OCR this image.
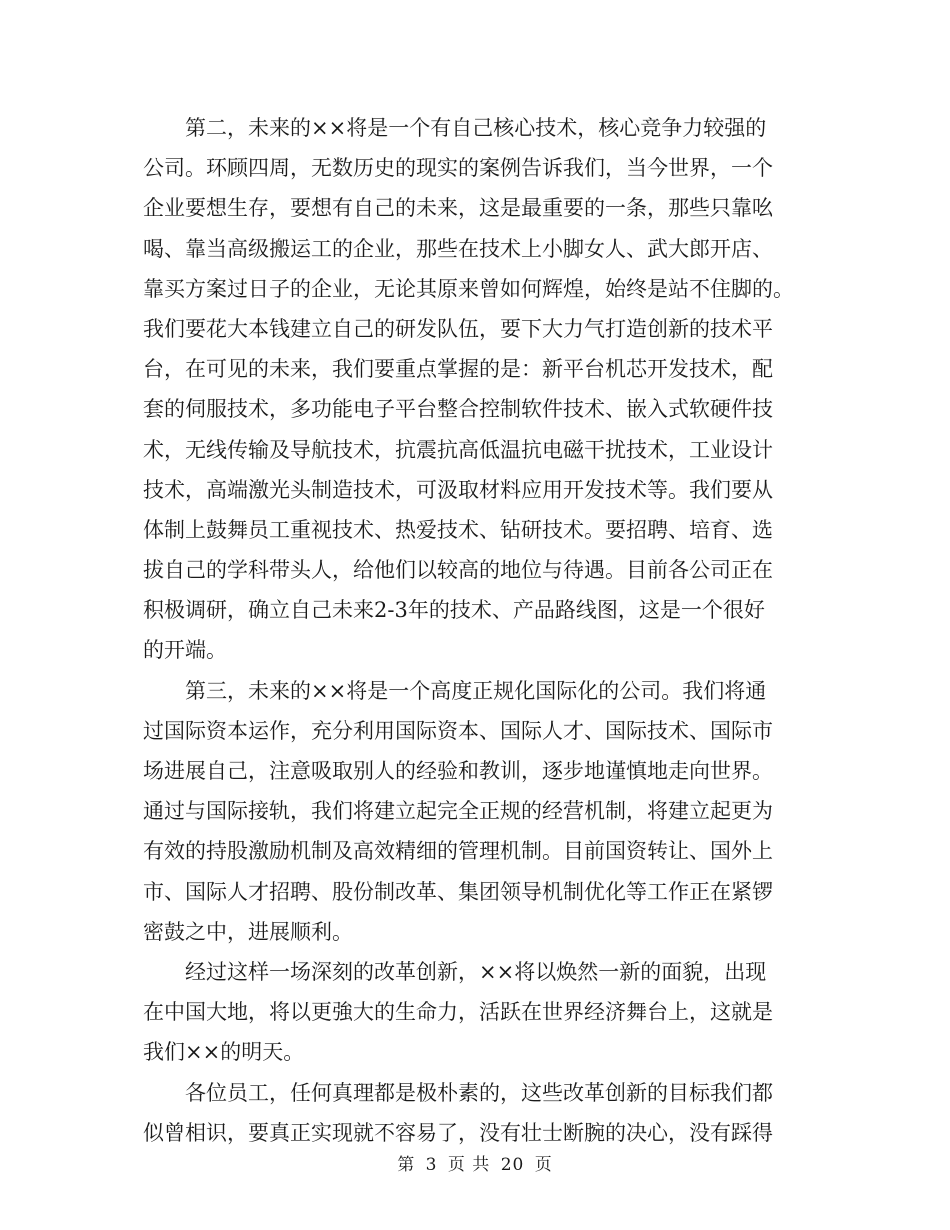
　　第二，未来的××将是一个有自己核心技术，核心竞争力较强的
公司。环顾四周，无数历史的现实的案例告诉我们，当今世界，一个
企业要想生存，要想有自己的未来，这是最重要的一条，那些只靠吆
喝、靠当高级搬运工的企业，那些在技术上小脚女人、武大郎开店、
靠买方案过日子的企业，无论其原来曾如何辉煌，始终是站不住脚的。
我们要花大本钱建立自己的研发队伍，要下大力气打造创新的技术平
台，在可见的未来，我们要重点掌握的是：新平台机芯开发技术，配
套的伺服技术，多功能电子平台整合控制软件技术、嵌入式软硬件技
术，无线传输及导航技术，抗震抗高低温抗电磁干扰技术，工业设计
技术，高端激光头制造技术，可汲取材料应用开发技术等。我们要从
体制上鼓舞员工重视技术、热爱技术、钻研技术。要招聘、培育、选
拔自己的学科带头人，给他们以较高的地位与待遇。目前各公司正在
积极调研，确立自己未来2-3年的技术、产品路线图，这是一个很好
的开端。
　　第三，未来的××将是一个高度正规化国际化的公司。我们将通
过国际资本运作，充分利用国际资本、国际人才、国际技术、国际市
场进展自己，注意吸取别人的经验和教训，逐步地谨慎地走向世界。
通过与国际接轨，我们将建立起完全正规的经营机制，将建立起更为
有效的持股激励机制及高效精细的管理机制。目前国资转让、国外上
市、国际人才招聘、股份制改革、集团领导机制优化等工作正在紧锣
密鼓之中，进展顺利。
　　经过这样一场深刻的改革创新，××将以焕然一新的面貌，出现
在中国大地，将以更強大的生命力，活跃在世界经济舞台上，这就是
我们××的明天。
　　各位员工，任何真理都是极朴素的，这些改革创新的目标我们都
似曾相识，要真正实现就不容易了，没有壮士断腕的决心，没有踩得
第 3 页 共 20 页
